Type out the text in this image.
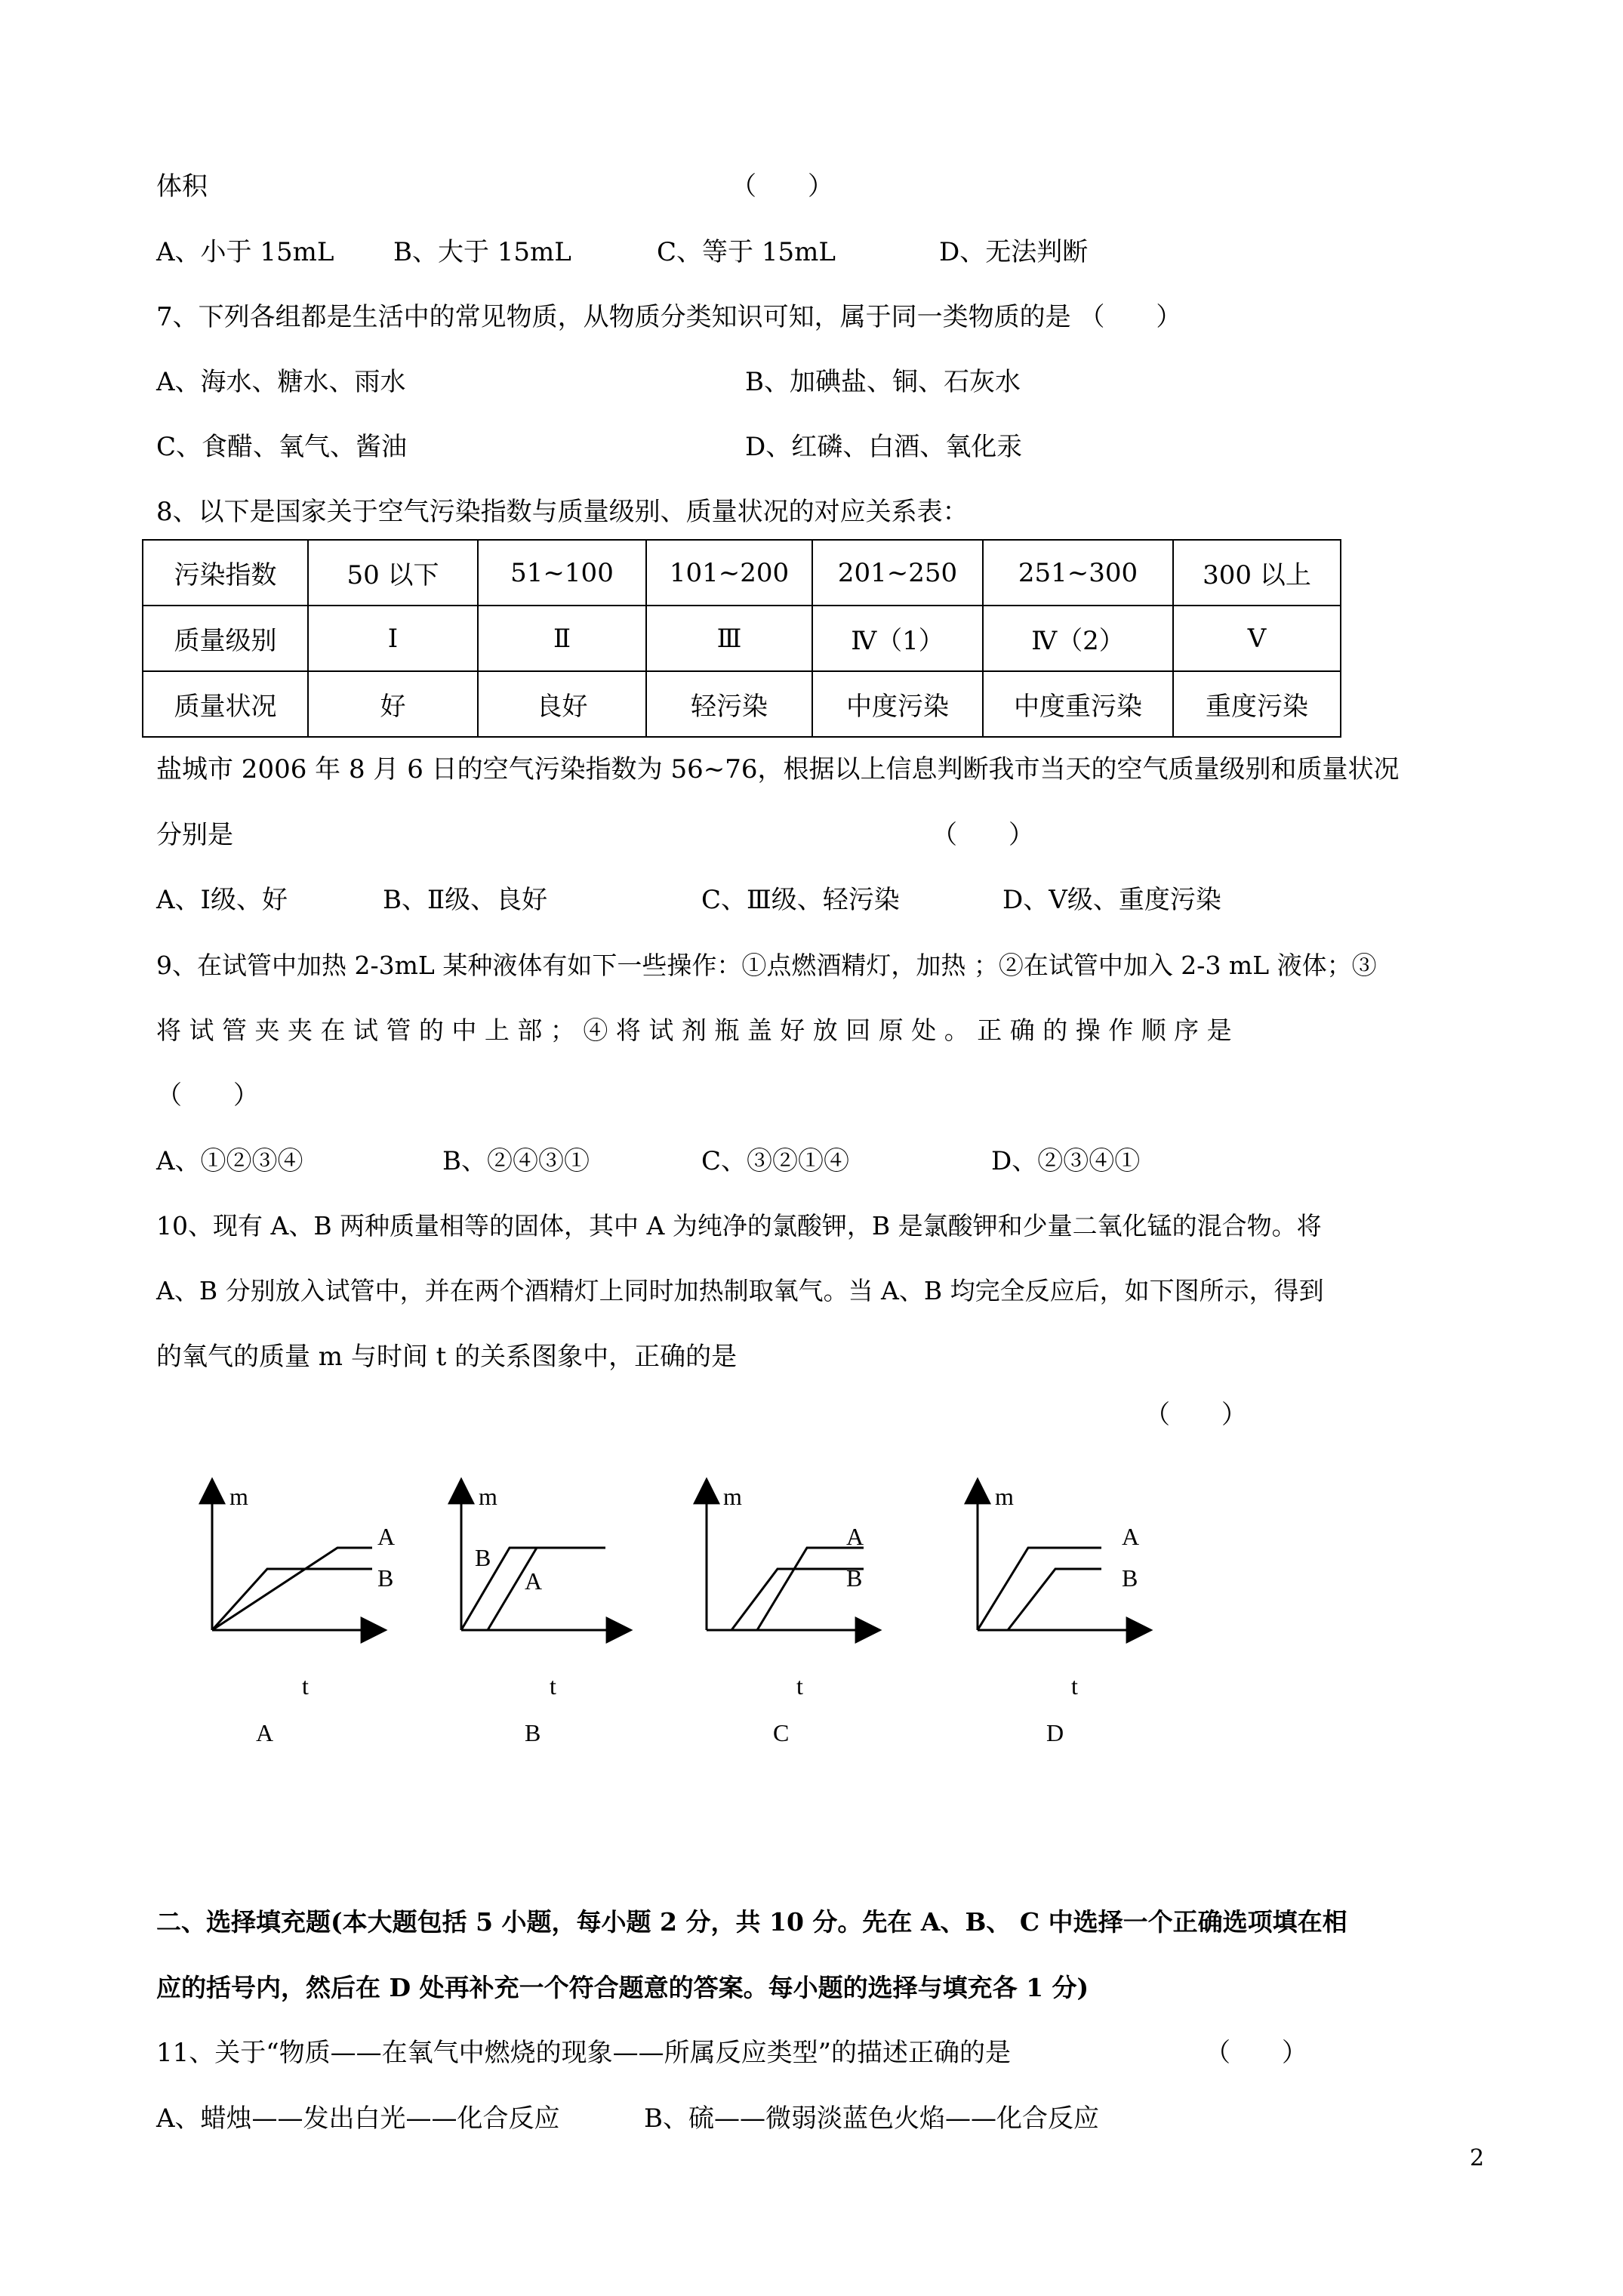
体积	（　　）
A、小于 15mL B、大于 15mL	C、等于 15mL	D、无法判断
7、下列各组都是生活中的常见物质，从物质分类知识可知，属于同一类物质的是 （　　）
A、海水、糖水、雨水	B、加碘盐、铜、石灰水
C、食醋、氧气、酱油	D、红磷、白酒、氧化汞
8、以下是国家关于空气污染指数与质量级别、质量状况的对应关系表：
污染指数	50 以下	51~100	101~200	201~250	251~300	300 以上
质量级别	Ⅰ	Ⅱ	Ⅲ	Ⅳ（1）	Ⅳ（2）	Ⅴ
质量状况	好	良好	轻污染	中度污染	中度重污染	重度污染
盐城市 2006 年 8 月 6 日的空气污染指数为 56~76，根据以上信息判断我市当天的空气质量级别和质量状况
分别是	（　　）
A、Ⅰ级、好	B、Ⅱ级、良好	C、Ⅲ级、轻污染	D、Ⅴ级、重度污染
9、在试管中加热 2-3mL 某种液体有如下一些操作：①点燃酒精灯，加热 ；②在试管中加入 2-3 mL 液体；③
将 试 管 夹 夹 在 试 管 的 中 上 部 ； ④ 将 试 剂 瓶 盖 好 放 回 原 处 。 正 确 的 操 作 顺 序 是
（　　）
A、①②③④	B、②④③①	C、③②①④	D、②③④①
10、现有 A、B 两种质量相等的固体，其中 A 为纯净的氯酸钾，B 是氯酸钾和少量二氧化锰的混合物。将
A、B 分别放入试管中，并在两个酒精灯上同时加热制取氧气。当 A、B 均完全反应后，如下图所示，得到
的氧气的质量 m 与时间 t 的关系图象中，正确的是
（　　）
m
A
B
t
A
m
B
A
t
B
m
A
B
t
C
m
A
B
t
D
二、选择填充题(本大题包括 5 小题，每小题 2 分，共 10 分。先在 A、B、 C 中选择一个正确选项填在相
应的括号内，然后在 D 处再补充一个符合题意的答案。每小题的选择与填充各 1 分)
11、关于“物质——在氧气中燃烧的现象——所属反应类型”的描述正确的是	（　　）
A、蜡烛——发出白光——化合反应	B、硫——微弱淡蓝色火焰——化合反应
2
